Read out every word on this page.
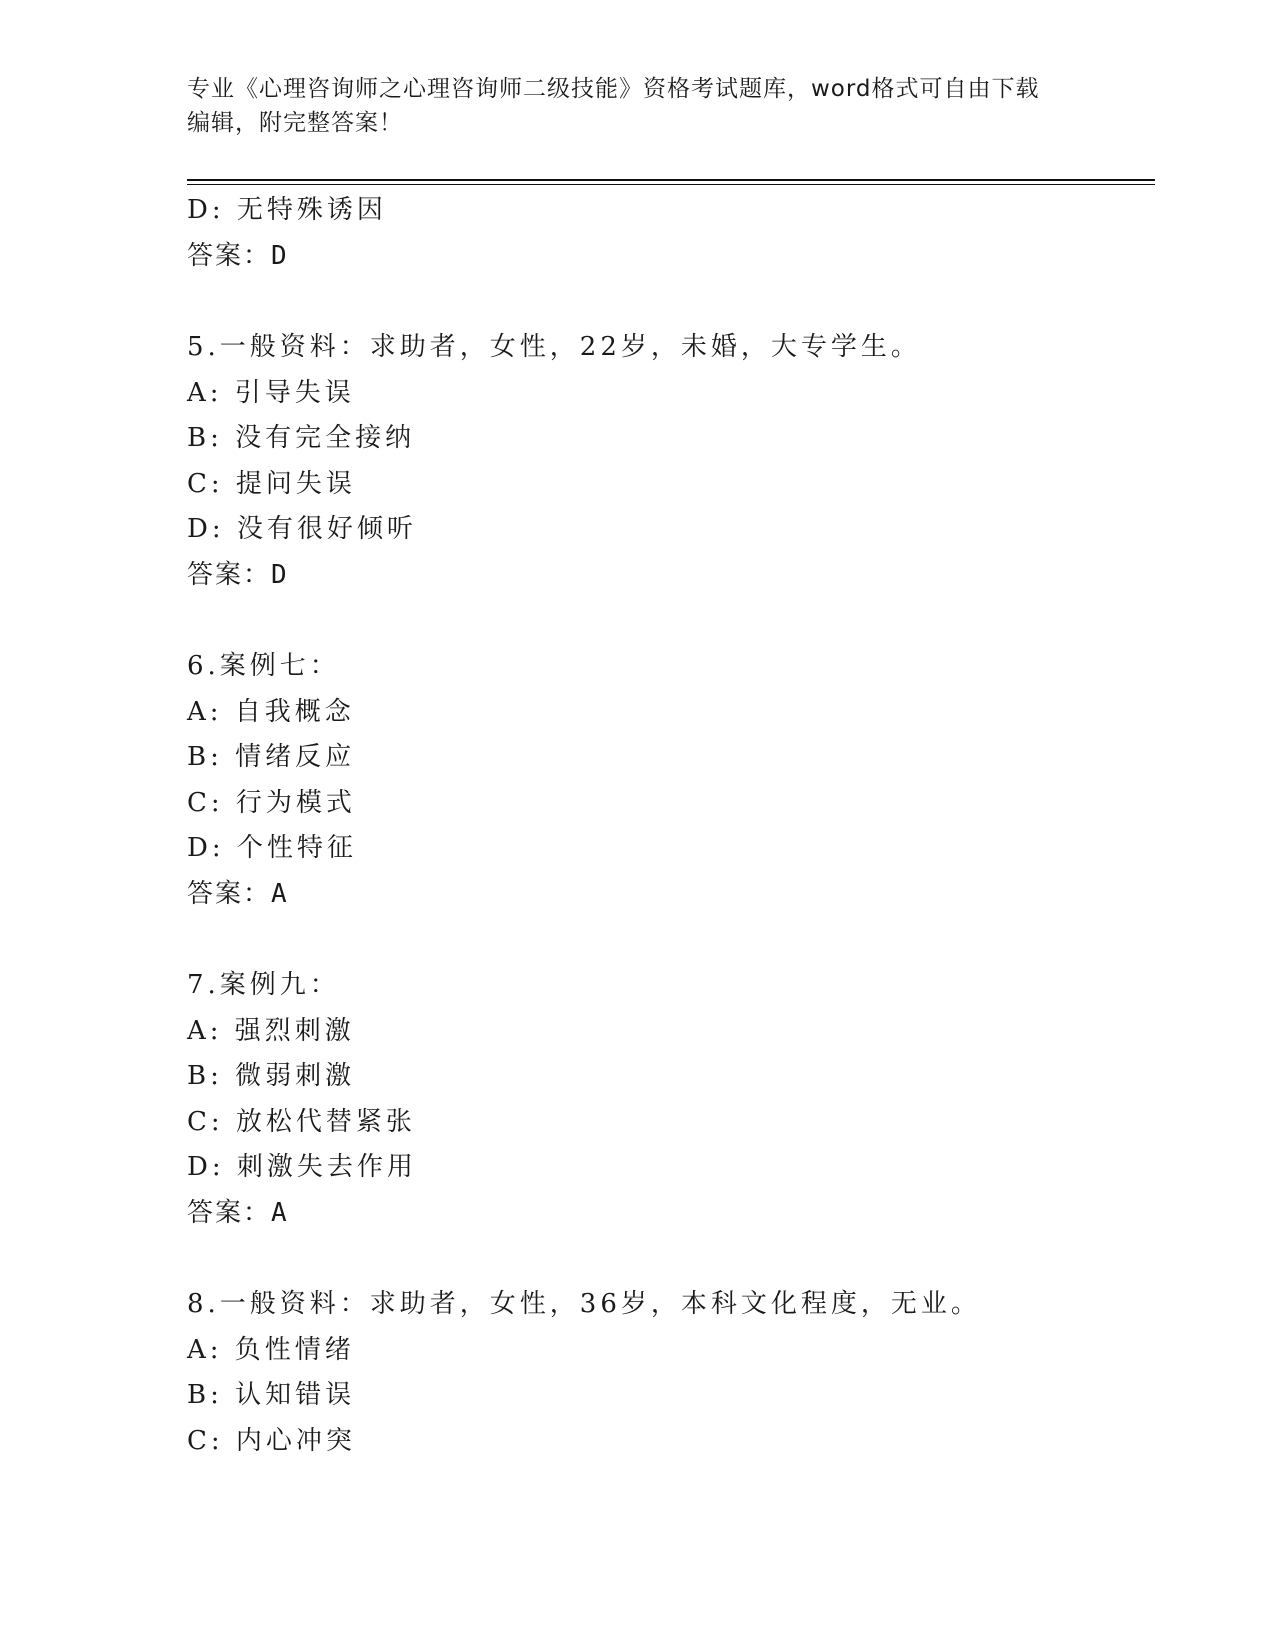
专业《心理咨询师之心理咨询师二级技能》资格考试题库，word格式可自由下载
编辑，附完整答案！
D: 无特殊诱因
答案：D
5.一般资料：求助者，女性，22岁，未婚，大专学生。
A: 引导失误
B: 没有完全接纳
C: 提问失误
D: 没有很好倾听
答案：D
6.案例七：
A: 自我概念
B: 情绪反应
C: 行为模式
D: 个性特征
答案：A
7.案例九：
A: 强烈刺激
B: 微弱刺激
C: 放松代替紧张
D: 刺激失去作用
答案：A
8.一般资料：求助者，女性，36岁，本科文化程度，无业。
A: 负性情绪
B: 认知错误
C: 内心冲突
